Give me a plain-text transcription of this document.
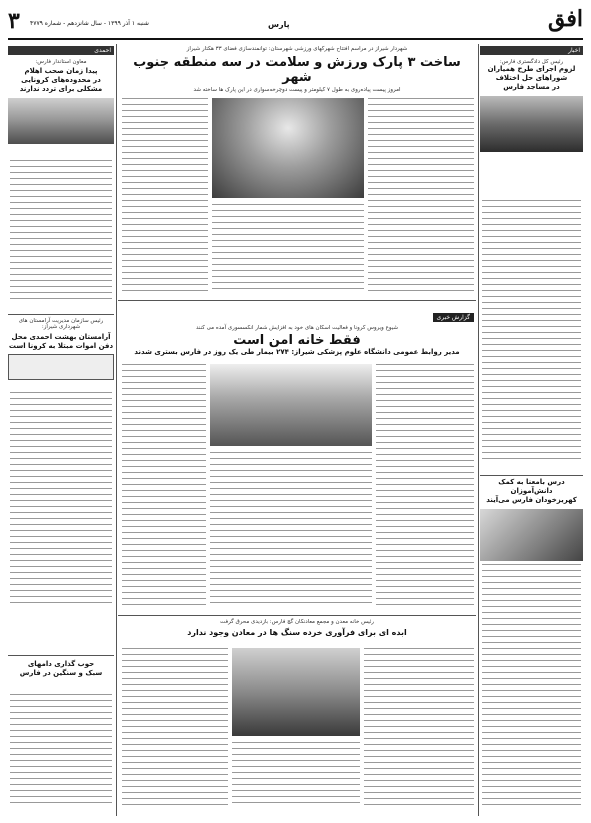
۳ شنبه ۱ آذر ۱۳۹۹ - سال شانزدهم - شماره ۴۷۷۹	پارس	افق
احمدی
معاون استاندار فارس:
پیدا زمان صحب اهلام
در محدوده‌های کرونایی
مشکلی برای تردد ندارند
رئیس سازمان مدیریت آرامستان های شهرداری شیراز:
آرامستان بهشت احمدی محل
دفن اموات مبتلا به کرونا است
حوب گذاری دامهای
سبک و سنگین در فارس
اخبار
رئیس کل دادگستری فارس:
لزوم اجرای طرح همیاران
شوراهای حل اختلاف
در مساجد فارس
درس بامعنا به کمک دانش‌آموزان
کهریزخودان فارس می‌آیند
شهردار شیراز در مراسم افتتاح شهرکهای ورزشی شهرستان: توانمندسازی فضای ۳۳ هکتار شیراز
ساخت ۳ پارک ورزش و سلامت در سه منطقه جنوب شهر
امروز پیست پیاده‌روی به طول ۷ کیلومتر و پیست دوچرخه‌سواری در این پارک ها ساخته شد
گزارش خبری
شیوع ویروس کرونا و فعالیت اسکان های خود به افزایش شمار انکسسوری آمده می کنند
فقط خانه امن است
مدیر روابط عمومی دانشگاه علوم پزشکی شیراز: ۲۷۴ بیمار طی یک روز در فارس بستری شدند
رئیس خانه معدن و مجمع معادنکان گچ فارس: بازدیدی محرق گرفت
ابده ای برای فرآوری خرده سنگ ها در معادن وجود ندارد
